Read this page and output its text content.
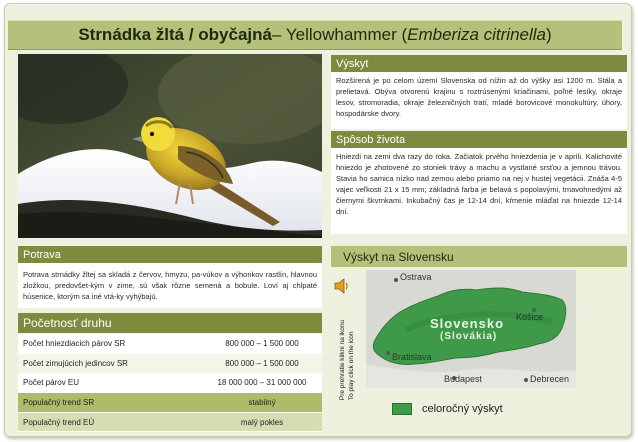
Strnádka žltá / obyčajná – Yellowhammer ( Emberiza citrinella )
Výskyt
Rozšírená je po celom území Slovenska od nížin až do výšky asi 1200 m. Stála a prelietavá. Obýva otvorenú krajinu s roztrúsenými kriačinami, poľné lesíky, okraje lesov, stromoradia, okraje železničných tratí, mladé borovicové monokultúry, úhory, hospodárske dvory.
Spôsob života
Hniezdi na zemi dva razy do roka. Začiatok prvého hniezdenia je v apríli. Kalichovité hniezdo je zhotovené zo stoniek trávy a machu a vystlané srsťou a jemnou trávou. Stavia ho samica nízko nad zemou alebo priamo na nej v hustej vegetácii. Znáša 4-5 vajec veľkosti 21 x 15 mm; základná farba je belavá s popolavými, tmavohnedými až čiernymi škvrnkami. Inkubačný čas je 12-14 dní, kŕmenie mláďat na hniezde 12-14 dní.
Potrava
Potrava strnádky žltej sa skladá z červov, hmyzu, pa-vúkov a výhonkov rastlín, hlavnou zložkou, predovšet-kým v zime, sú však rôzne semená a bobule. Loví aj chlpaté húsenice, ktorým sa iné vtá-ky vyhýbajú.
Početnosť druhu
Počet hniezdiacich párov SR	800 000 – 1 500 000
Počet zimujúcich jedincov SR	800 000 – 1 500 000
Počet párov EU	18 000 000 – 31 000 000
Populačný trend SR	stabilný
Populačný trend EÚ	malý pokles
Výskyt na Slovensku
Pre prehratie klikni na ikonu To play click on the icon
Ostrava
Košice
Bratislava
Budapest	Debrecen
Slovensko
(Slovákia)
celoročný výskyt
